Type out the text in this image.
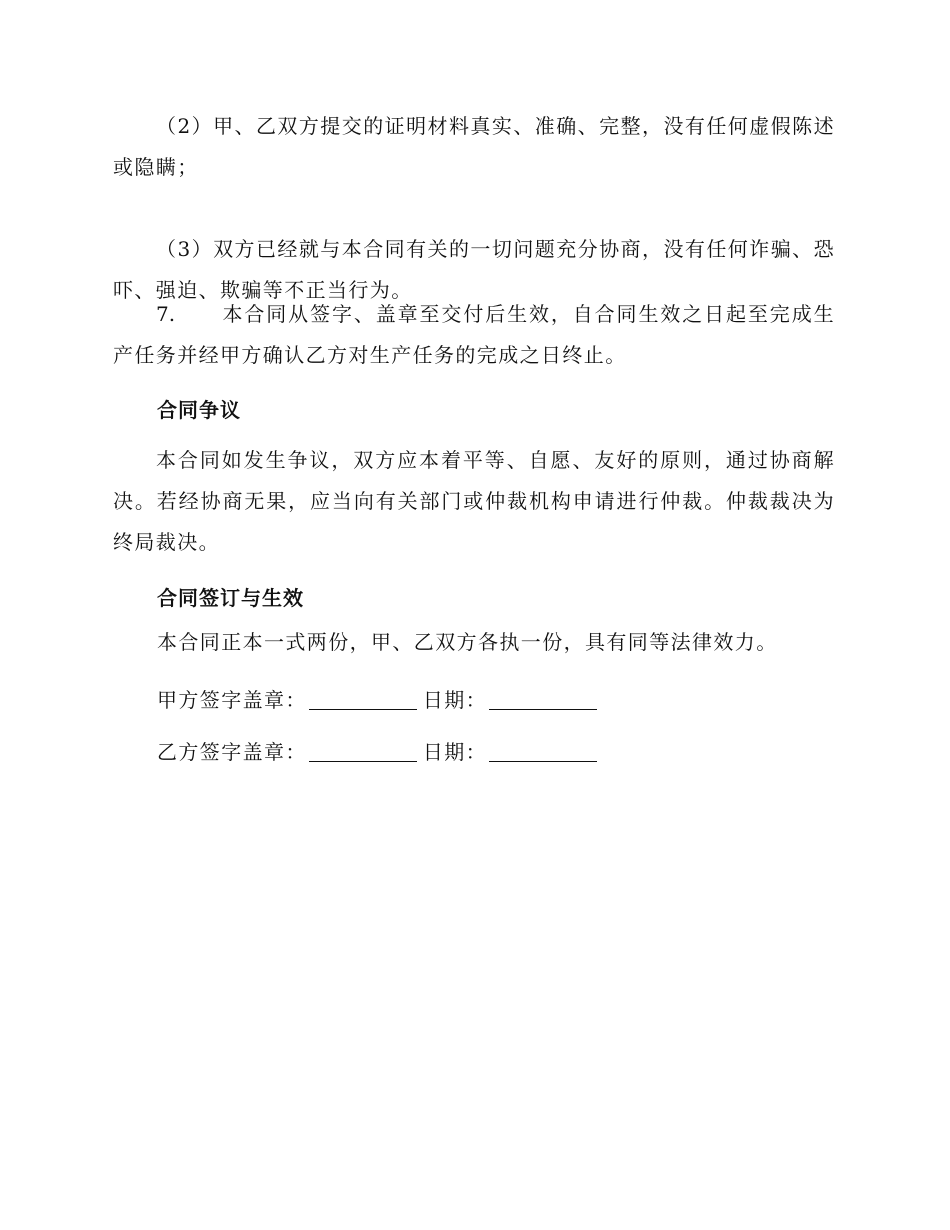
（2）甲、乙双方提交的证明材料真实、准确、完整，没有任何虚假陈述或隐瞒；

（3）双方已经就与本合同有关的一切问题充分协商，没有任何诈骗、恐吓、强迫、欺骗等不正当行为。

7. 本合同从签字、盖章至交付后生效，自合同生效之日起至完成生产任务并经甲方确认乙方对生产任务的完成之日终止。

合同争议

本合同如发生争议，双方应本着平等、自愿、友好的原则，通过协商解决。若经协商无果，应当向有关部门或仲裁机构申请进行仲裁。仲裁裁决为终局裁决。

合同签订与生效

本合同正本一式两份，甲、乙双方各执一份，具有同等法律效力。

甲方签字盖章：	日期：
乙方签字盖章：	日期：
